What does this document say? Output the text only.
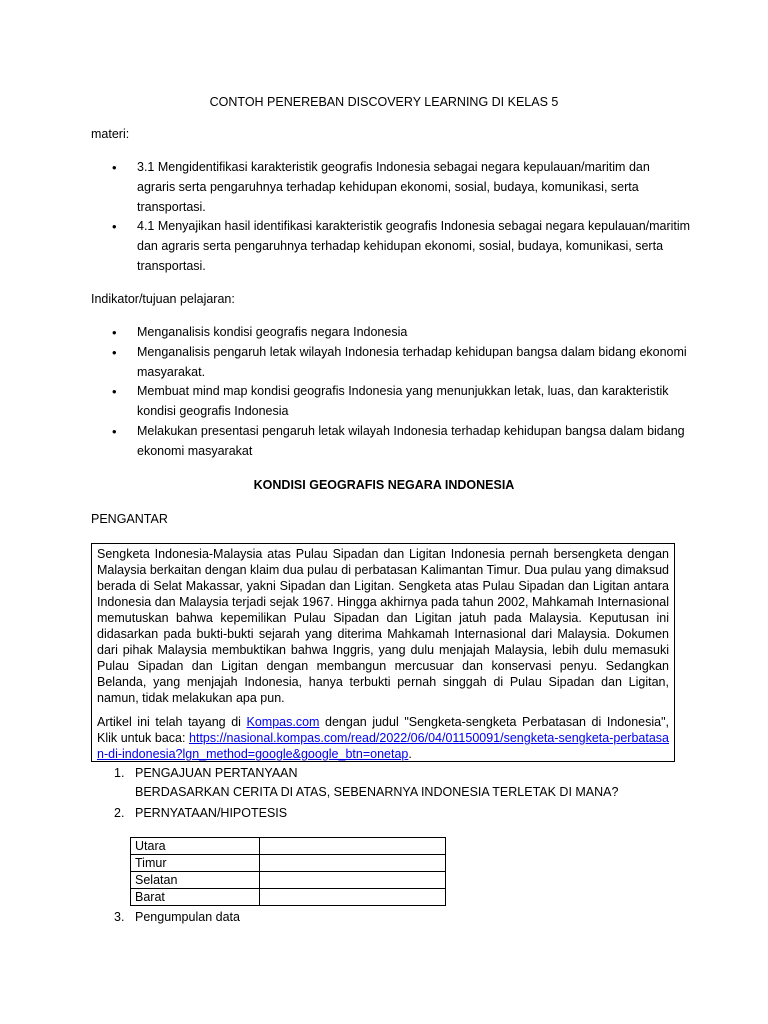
CONTOH PENEREBAN DISCOVERY LEARNING DI KELAS 5
materi:
• 3.1 Mengidentifikasi karakteristik geografis Indonesia sebagai negara kepulauan/maritim dan agraris serta pengaruhnya terhadap kehidupan ekonomi, sosial, budaya, komunikasi, serta transportasi.
• 4.1 Menyajikan hasil identifikasi karakteristik geografis Indonesia sebagai negara kepulauan/maritim dan agraris serta pengaruhnya terhadap kehidupan ekonomi, sosial, budaya, komunikasi, serta transportasi.
Indikator/tujuan pelajaran:
• Menganalisis kondisi geografis negara Indonesia
• Menganalisis pengaruh letak wilayah Indonesia terhadap kehidupan bangsa dalam bidang ekonomi masyarakat.
• Membuat mind map kondisi geografis Indonesia yang menunjukkan letak, luas, dan karakteristik kondisi geografis Indonesia
• Melakukan presentasi pengaruh letak wilayah Indonesia terhadap kehidupan bangsa dalam bidang ekonomi masyarakat
KONDISI GEOGRAFIS NEGARA INDONESIA
PENGANTAR

Sengketa Indonesia-Malaysia atas Pulau Sipadan dan Ligitan Indonesia pernah bersengketa dengan Malaysia berkaitan dengan klaim dua pulau di perbatasan Kalimantan Timur. Dua pulau yang dimaksud berada di Selat Makassar, yakni Sipadan dan Ligitan. Sengketa atas Pulau Sipadan dan Ligitan antara Indonesia dan Malaysia terjadi sejak 1967. Hingga akhirnya pada tahun 2002, Mahkamah Internasional memutuskan bahwa kepemilikan Pulau Sipadan dan Ligitan jatuh pada Malaysia. Keputusan ini didasarkan pada bukti-bukti sejarah yang diterima Mahkamah Internasional dari Malaysia. Dokumen dari pihak Malaysia membuktikan bahwa Inggris, yang dulu menjajah Malaysia, lebih dulu memasuki Pulau Sipadan dan Ligitan dengan membangun mercusuar dan konservasi penyu. Sedangkan Belanda, yang menjajah Indonesia, hanya terbukti pernah singgah di Pulau Sipadan dan Ligitan, namun, tidak melakukan apa pun.

Artikel ini telah tayang di Kompas.com dengan judul "Sengketa-sengketa Perbatasan di Indonesia", Klik untuk baca: https://nasional.kompas.com/read/2022/06/04/01150091/sengketa-sengketa-perbatasan-di-indonesia?lgn_method=google&google_btn=onetap.

1. PENGAJUAN PERTANYAAN
BERDASARKAN CERITA DI ATAS, SEBENARNYA INDONESIA TERLETAK DI MANA?
2. PERNYATAAN/HIPOTESIS
Utara	
Timur	
Selatan	
Barat	
3. Pengumpulan data
